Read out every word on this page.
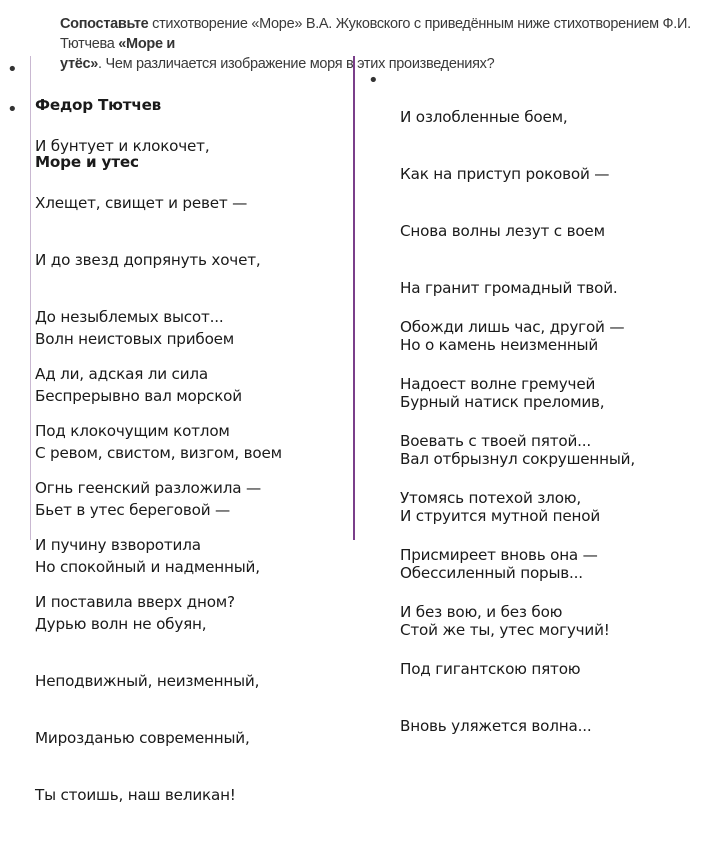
Сопоставьте стихотворение «Море» В.А. Жуковского с приведённым ниже стихотворением Ф.И. Тютчева «Море и
утёс». Чем различается изображение моря в этих произведениях?
•

Федор Тютчев

Море и утес

•

И бунтует и клокочет,

Хлещет, свищет и ревет —

И до звезд допрянуть хочет,

До незыблемых высот...

Ад ли, адская ли сила

Под клокочущим котлом

Огнь геенский разложила —

И пучину взворотила

И поставила вверх дном?

Волн неистовых прибоем

Беспрерывно вал морской

С ревом, свистом, визгом, воем

Бьет в утес береговой —

Но спокойный и надменный,

Дурью волн не обуян,

Неподвижный, неизменный,

Мирозданью современный,

Ты стоишь, наш великан!

•

И озлобленные боем,

Как на приступ роковой —

Снова волны лезут с воем

На гранит громадный твой.

Но о камень неизменный

Бурный натиск преломив,

Вал отбрызнул сокрушенный,

И струится мутной пеной

Обессиленный порыв...

Стой же ты, утес могучий!

Обожди лишь час, другой —

Надоест волне гремучей

Воевать с твоей пятой...

Утомясь потехой злою,

Присмиреет вновь она —

И без вою, и без бою

Под гигантскою пятою

Вновь уляжется волна...
